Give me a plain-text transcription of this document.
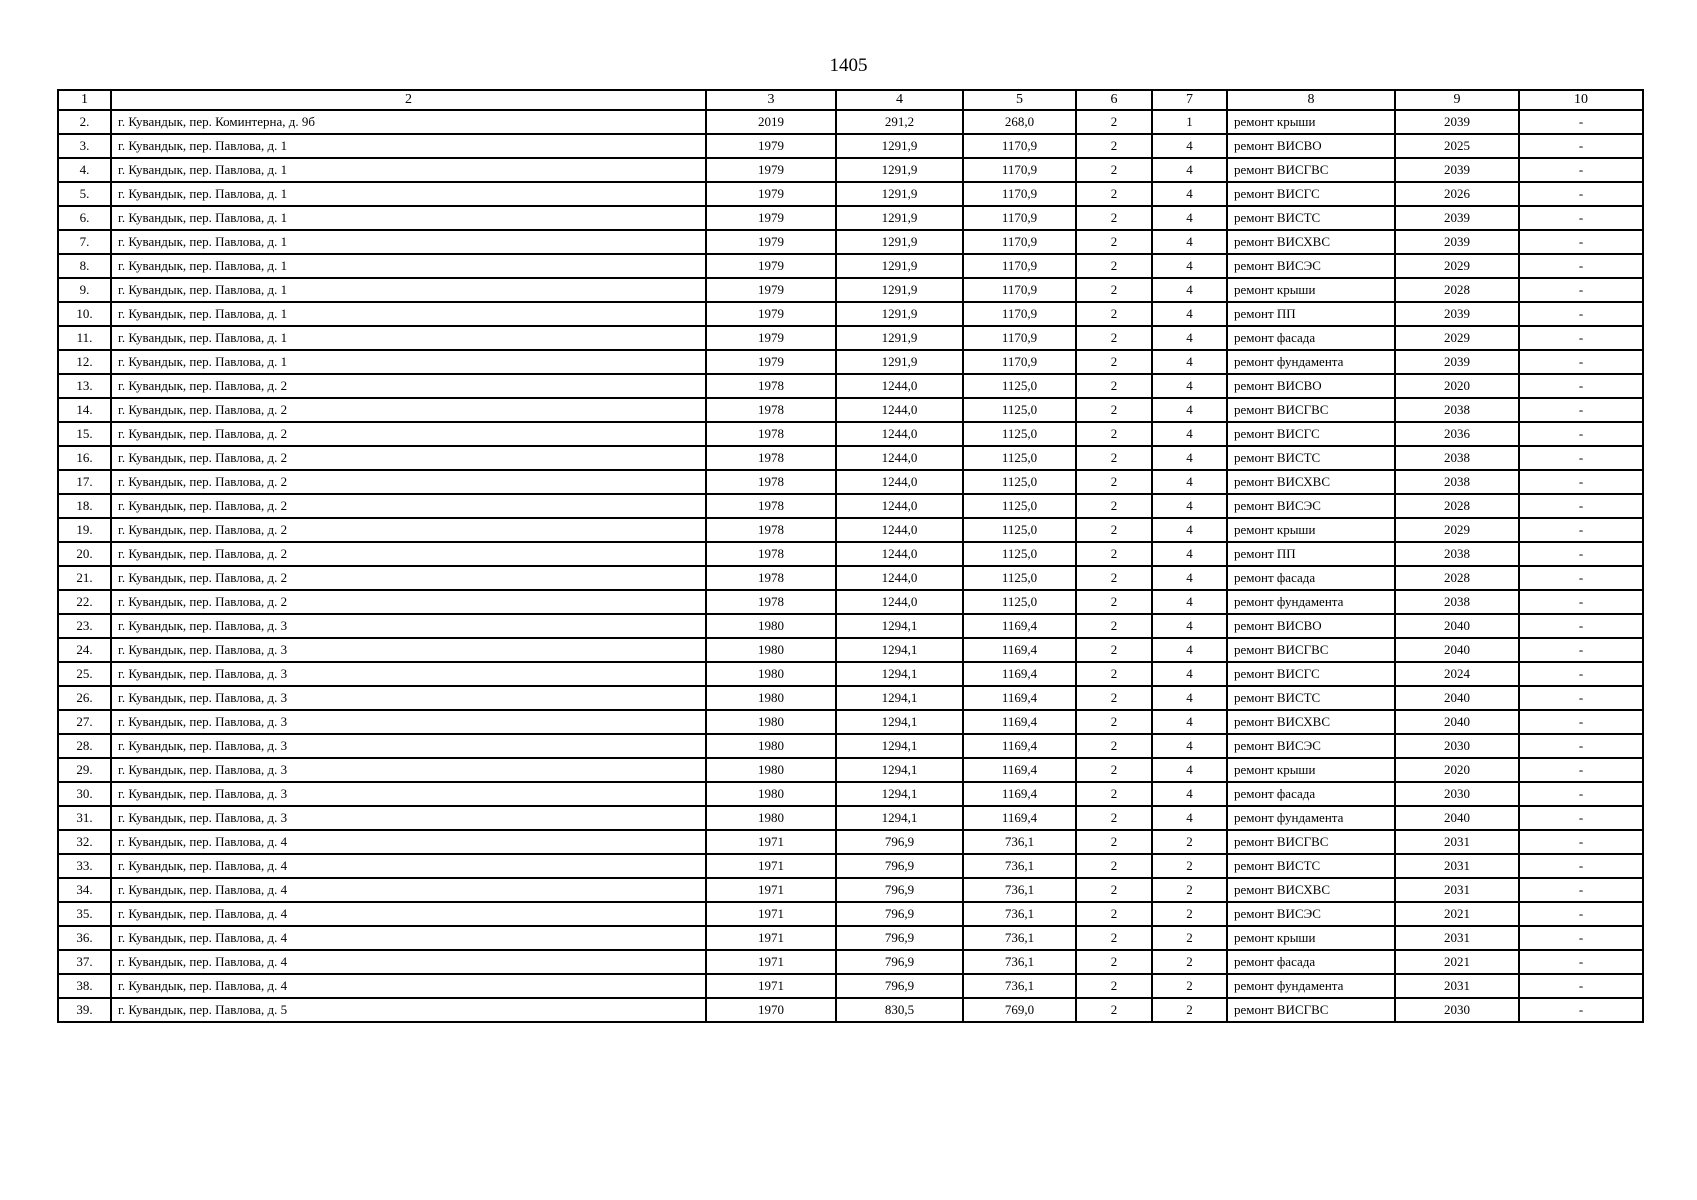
1405
1	2	3	4	5	6	7	8	9	10
2.	г. Кувандык, пер. Коминтерна, д. 9б	2019	291,2	268,0	2	1	ремонт крыши	2039	-
3.	г. Кувандык, пер. Павлова, д. 1	1979	1291,9	1170,9	2	4	ремонт ВИСВО	2025	-
4.	г. Кувандык, пер. Павлова, д. 1	1979	1291,9	1170,9	2	4	ремонт ВИСГВС	2039	-
5.	г. Кувандык, пер. Павлова, д. 1	1979	1291,9	1170,9	2	4	ремонт ВИСГС	2026	-
6.	г. Кувандык, пер. Павлова, д. 1	1979	1291,9	1170,9	2	4	ремонт ВИСТС	2039	-
7.	г. Кувандык, пер. Павлова, д. 1	1979	1291,9	1170,9	2	4	ремонт ВИСХВС	2039	-
8.	г. Кувандык, пер. Павлова, д. 1	1979	1291,9	1170,9	2	4	ремонт ВИСЭС	2029	-
9.	г. Кувандык, пер. Павлова, д. 1	1979	1291,9	1170,9	2	4	ремонт крыши	2028	-
10.	г. Кувандык, пер. Павлова, д. 1	1979	1291,9	1170,9	2	4	ремонт ПП	2039	-
11.	г. Кувандык, пер. Павлова, д. 1	1979	1291,9	1170,9	2	4	ремонт фасада	2029	-
12.	г. Кувандык, пер. Павлова, д. 1	1979	1291,9	1170,9	2	4	ремонт фундамента	2039	-
13.	г. Кувандык, пер. Павлова, д. 2	1978	1244,0	1125,0	2	4	ремонт ВИСВО	2020	-
14.	г. Кувандык, пер. Павлова, д. 2	1978	1244,0	1125,0	2	4	ремонт ВИСГВС	2038	-
15.	г. Кувандык, пер. Павлова, д. 2	1978	1244,0	1125,0	2	4	ремонт ВИСГС	2036	-
16.	г. Кувандык, пер. Павлова, д. 2	1978	1244,0	1125,0	2	4	ремонт ВИСТС	2038	-
17.	г. Кувандык, пер. Павлова, д. 2	1978	1244,0	1125,0	2	4	ремонт ВИСХВС	2038	-
18.	г. Кувандык, пер. Павлова, д. 2	1978	1244,0	1125,0	2	4	ремонт ВИСЭС	2028	-
19.	г. Кувандык, пер. Павлова, д. 2	1978	1244,0	1125,0	2	4	ремонт крыши	2029	-
20.	г. Кувандык, пер. Павлова, д. 2	1978	1244,0	1125,0	2	4	ремонт ПП	2038	-
21.	г. Кувандык, пер. Павлова, д. 2	1978	1244,0	1125,0	2	4	ремонт фасада	2028	-
22.	г. Кувандык, пер. Павлова, д. 2	1978	1244,0	1125,0	2	4	ремонт фундамента	2038	-
23.	г. Кувандык, пер. Павлова, д. 3	1980	1294,1	1169,4	2	4	ремонт ВИСВО	2040	-
24.	г. Кувандык, пер. Павлова, д. 3	1980	1294,1	1169,4	2	4	ремонт ВИСГВС	2040	-
25.	г. Кувандык, пер. Павлова, д. 3	1980	1294,1	1169,4	2	4	ремонт ВИСГС	2024	-
26.	г. Кувандык, пер. Павлова, д. 3	1980	1294,1	1169,4	2	4	ремонт ВИСТС	2040	-
27.	г. Кувандык, пер. Павлова, д. 3	1980	1294,1	1169,4	2	4	ремонт ВИСХВС	2040	-
28.	г. Кувандык, пер. Павлова, д. 3	1980	1294,1	1169,4	2	4	ремонт ВИСЭС	2030	-
29.	г. Кувандык, пер. Павлова, д. 3	1980	1294,1	1169,4	2	4	ремонт крыши	2020	-
30.	г. Кувандык, пер. Павлова, д. 3	1980	1294,1	1169,4	2	4	ремонт фасада	2030	-
31.	г. Кувандык, пер. Павлова, д. 3	1980	1294,1	1169,4	2	4	ремонт фундамента	2040	-
32.	г. Кувандык, пер. Павлова, д. 4	1971	796,9	736,1	2	2	ремонт ВИСГВС	2031	-
33.	г. Кувандык, пер. Павлова, д. 4	1971	796,9	736,1	2	2	ремонт ВИСТС	2031	-
34.	г. Кувандык, пер. Павлова, д. 4	1971	796,9	736,1	2	2	ремонт ВИСХВС	2031	-
35.	г. Кувандык, пер. Павлова, д. 4	1971	796,9	736,1	2	2	ремонт ВИСЭС	2021	-
36.	г. Кувандык, пер. Павлова, д. 4	1971	796,9	736,1	2	2	ремонт крыши	2031	-
37.	г. Кувандык, пер. Павлова, д. 4	1971	796,9	736,1	2	2	ремонт фасада	2021	-
38.	г. Кувандык, пер. Павлова, д. 4	1971	796,9	736,1	2	2	ремонт фундамента	2031	-
39.	г. Кувандык, пер. Павлова, д. 5	1970	830,5	769,0	2	2	ремонт ВИСГВС	2030	-
